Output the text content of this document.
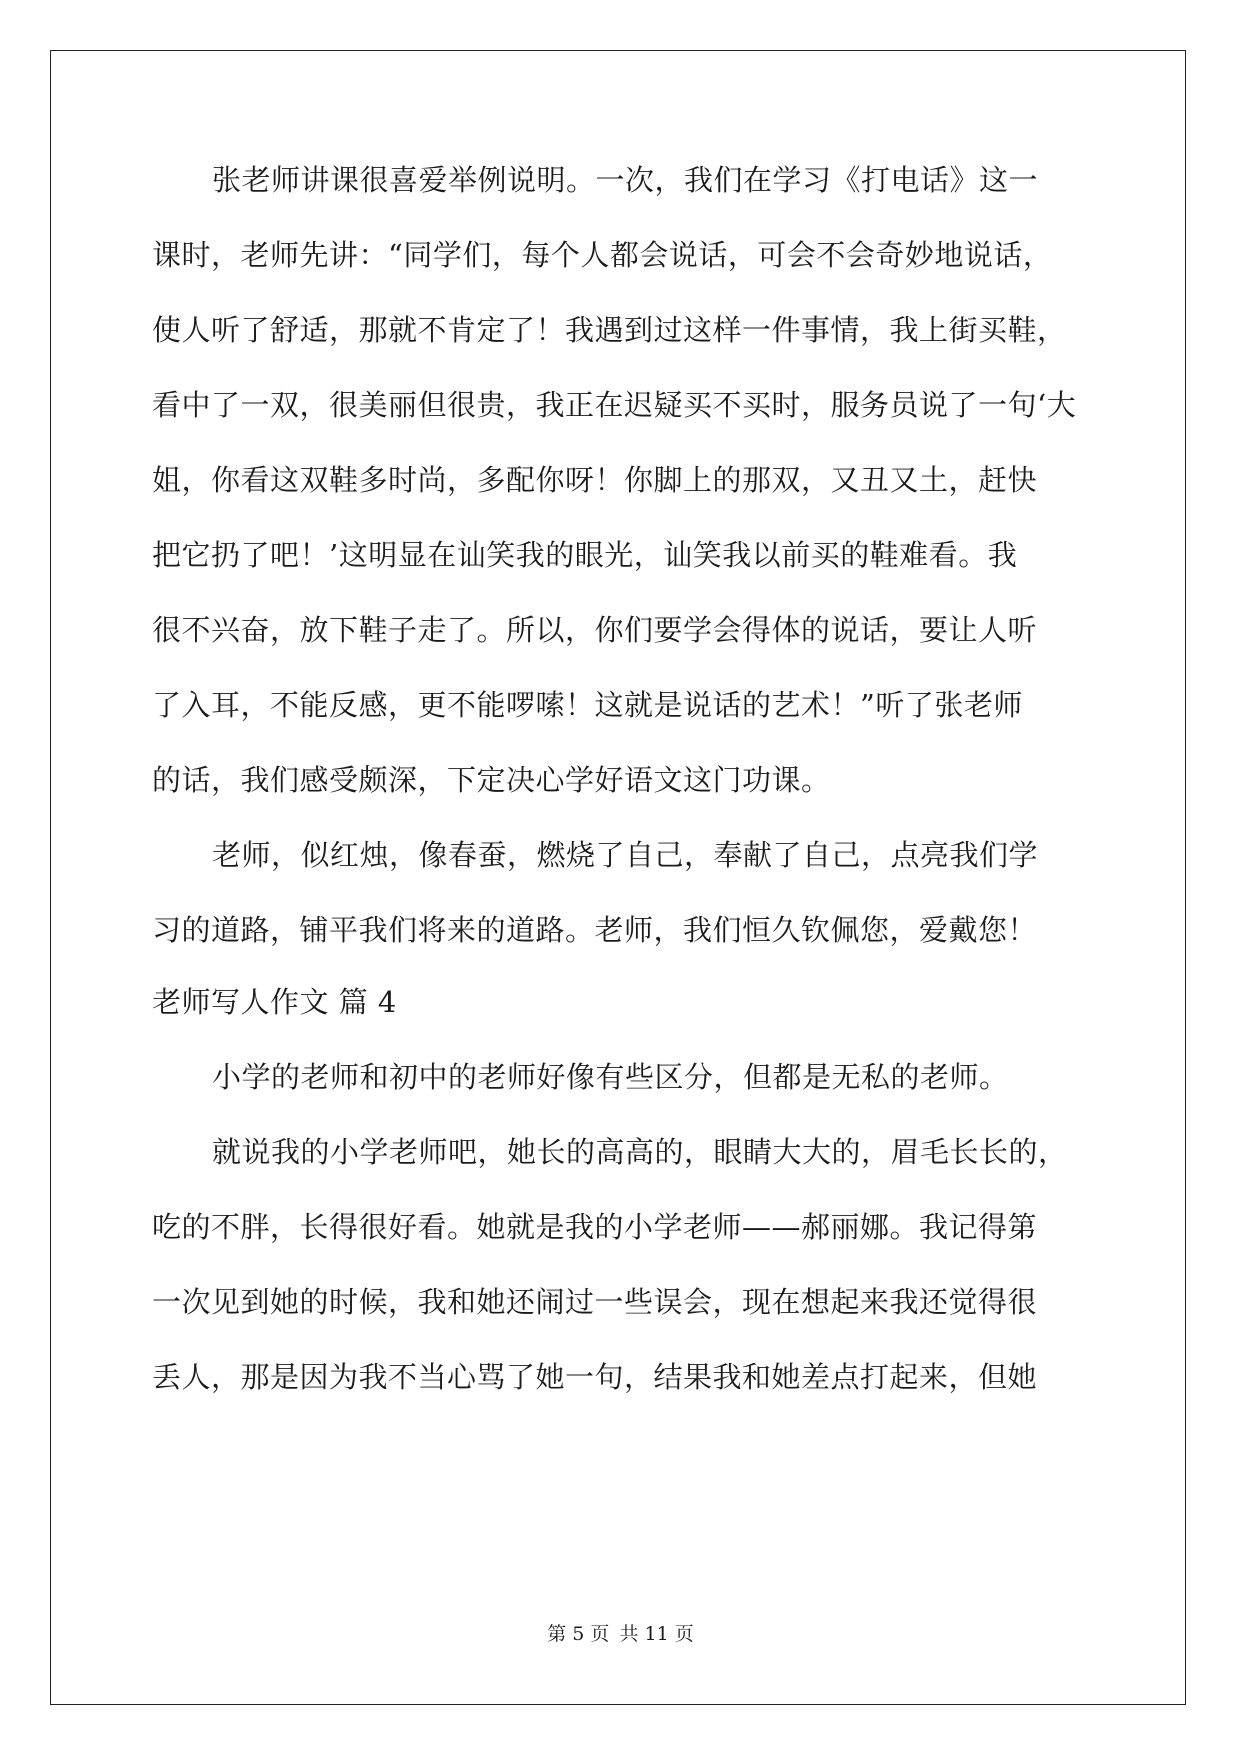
张老师讲课很喜爱举例说明。一次，我们在学习《打电话》这一
课时，老师先讲：“同学们，每个人都会说话，可会不会奇妙地说话，
使人听了舒适，那就不肯定了！我遇到过这样一件事情，我上街买鞋，
看中了一双，很美丽但很贵，我正在迟疑买不买时，服务员说了一句‘大
姐，你看这双鞋多时尚，多配你呀！你脚上的那双，又丑又土，赶快
把它扔了吧！’这明显在讪笑我的眼光，讪笑我以前买的鞋难看。我
很不兴奋，放下鞋子走了。所以，你们要学会得体的说话，要让人听
了入耳，不能反感，更不能啰嗦！这就是说话的艺术！”听了张老师
的话，我们感受颇深，下定决心学好语文这门功课。
老师，似红烛，像春蚕，燃烧了自己，奉献了自己，点亮我们学
习的道路，铺平我们将来的道路。老师，我们恒久钦佩您，爱戴您！
老师写人作文 篇 4
小学的老师和初中的老师好像有些区分，但都是无私的老师。
就说我的小学老师吧，她长的高高的，眼睛大大的，眉毛长长的，
吃的不胖，长得很好看。她就是我的小学老师——郝丽娜。我记得第
一次见到她的时候，我和她还闹过一些误会，现在想起来我还觉得很
丢人，那是因为我不当心骂了她一句，结果我和她差点打起来，但她
第 5 页 共 11 页
